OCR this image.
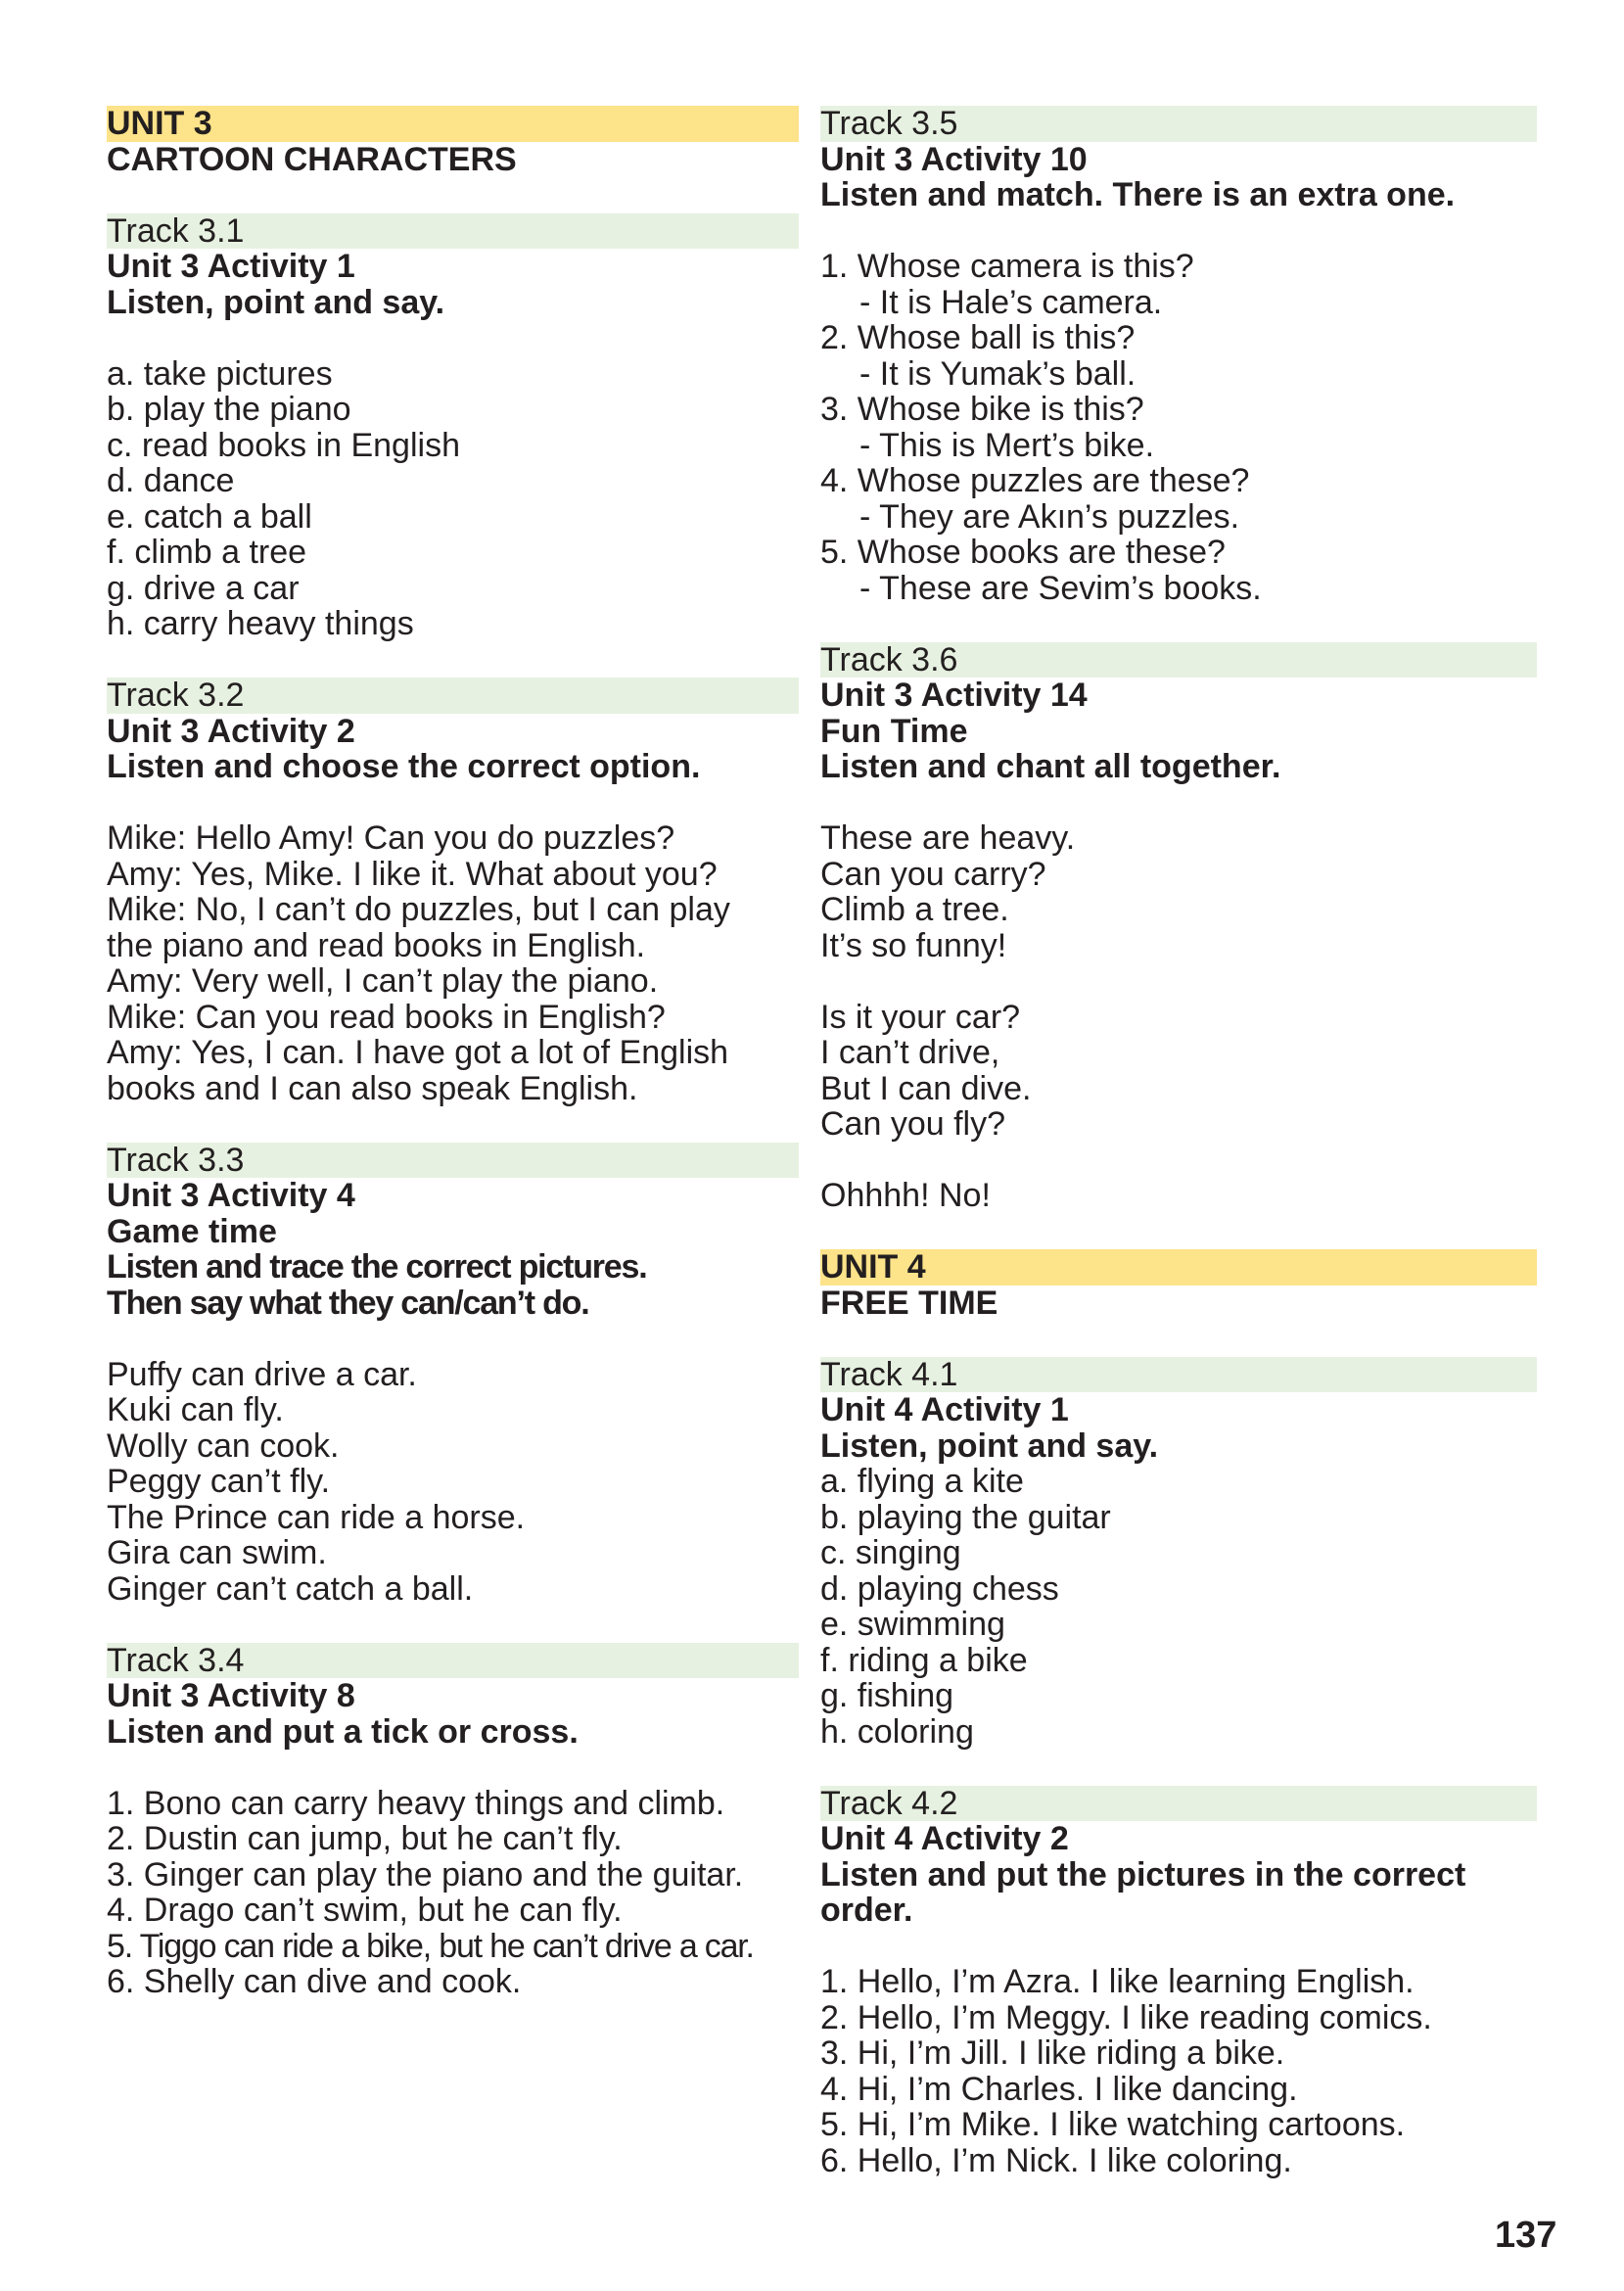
UNIT 3
CARTOON CHARACTERS
Track 3.1
Unit 3 Activity 1
Listen, point and say.
a. take pictures
b. play the piano
c. read books in English
d. dance
e. catch a ball
f. climb a tree
g. drive a car
h. carry heavy things
Track 3.2
Unit 3 Activity 2
Listen and choose the correct option.
Mike: Hello Amy! Can you do puzzles?
Amy: Yes, Mike. I like it. What about you?
Mike: No, I can’t do puzzles, but I can play
the piano and read books in English.
Amy: Very well, I can’t play the piano.
Mike: Can you read books in English?
Amy: Yes, I can. I have got a lot of English
books and I can also speak English.
Track 3.3
Unit 3 Activity 4
Game time
Listen and trace the correct pictures.
Then say what they can/can’t do.
Puffy can drive a car.
Kuki can fly.
Wolly can cook.
Peggy can’t fly.
The Prince can ride a horse.
Gira can swim.
Ginger can’t catch a ball.
Track 3.4
Unit 3 Activity 8
Listen and put a tick or cross.
1. Bono can carry heavy things and climb.
2. Dustin can jump, but he can’t fly.
3. Ginger can play the piano and the guitar.
4. Drago can’t swim, but he can fly.
5. Tiggo can ride a bike, but he can’t drive a car.
6. Shelly can dive and cook.
Track 3.5
Unit 3 Activity 10
Listen and match. There is an extra one.
1. Whose camera is this?
- It is Hale’s camera.
2. Whose ball is this?
- It is Yumak’s ball.
3. Whose bike is this?
- This is Mert’s bike.
4. Whose puzzles are these?
- They are Akın’s puzzles.
5. Whose books are these?
- These are Sevim’s books.
Track 3.6
Unit 3 Activity 14
Fun Time
Listen and chant all together.
These are heavy.
Can you carry?
Climb a tree.
It’s so funny!
Is it your car?
I can’t drive,
But I can dive.
Can you fly?
Ohhhh! No!
UNIT 4
FREE TIME
Track 4.1
Unit 4 Activity 1
Listen, point and say.
a. flying a kite
b. playing the guitar
c. singing
d. playing chess
e. swimming
f. riding a bike
g. fishing
h. coloring
Track 4.2
Unit 4 Activity 2
Listen and put the pictures in the correct
order.
1. Hello, I’m Azra. I like learning English.
2. Hello, I’m Meggy. I like reading comics.
3. Hi, I’m Jill. I like riding a bike.
4. Hi, I’m Charles. I like dancing.
5. Hi, I’m Mike. I like watching cartoons.
6. Hello, I’m Nick. I like coloring.
137
